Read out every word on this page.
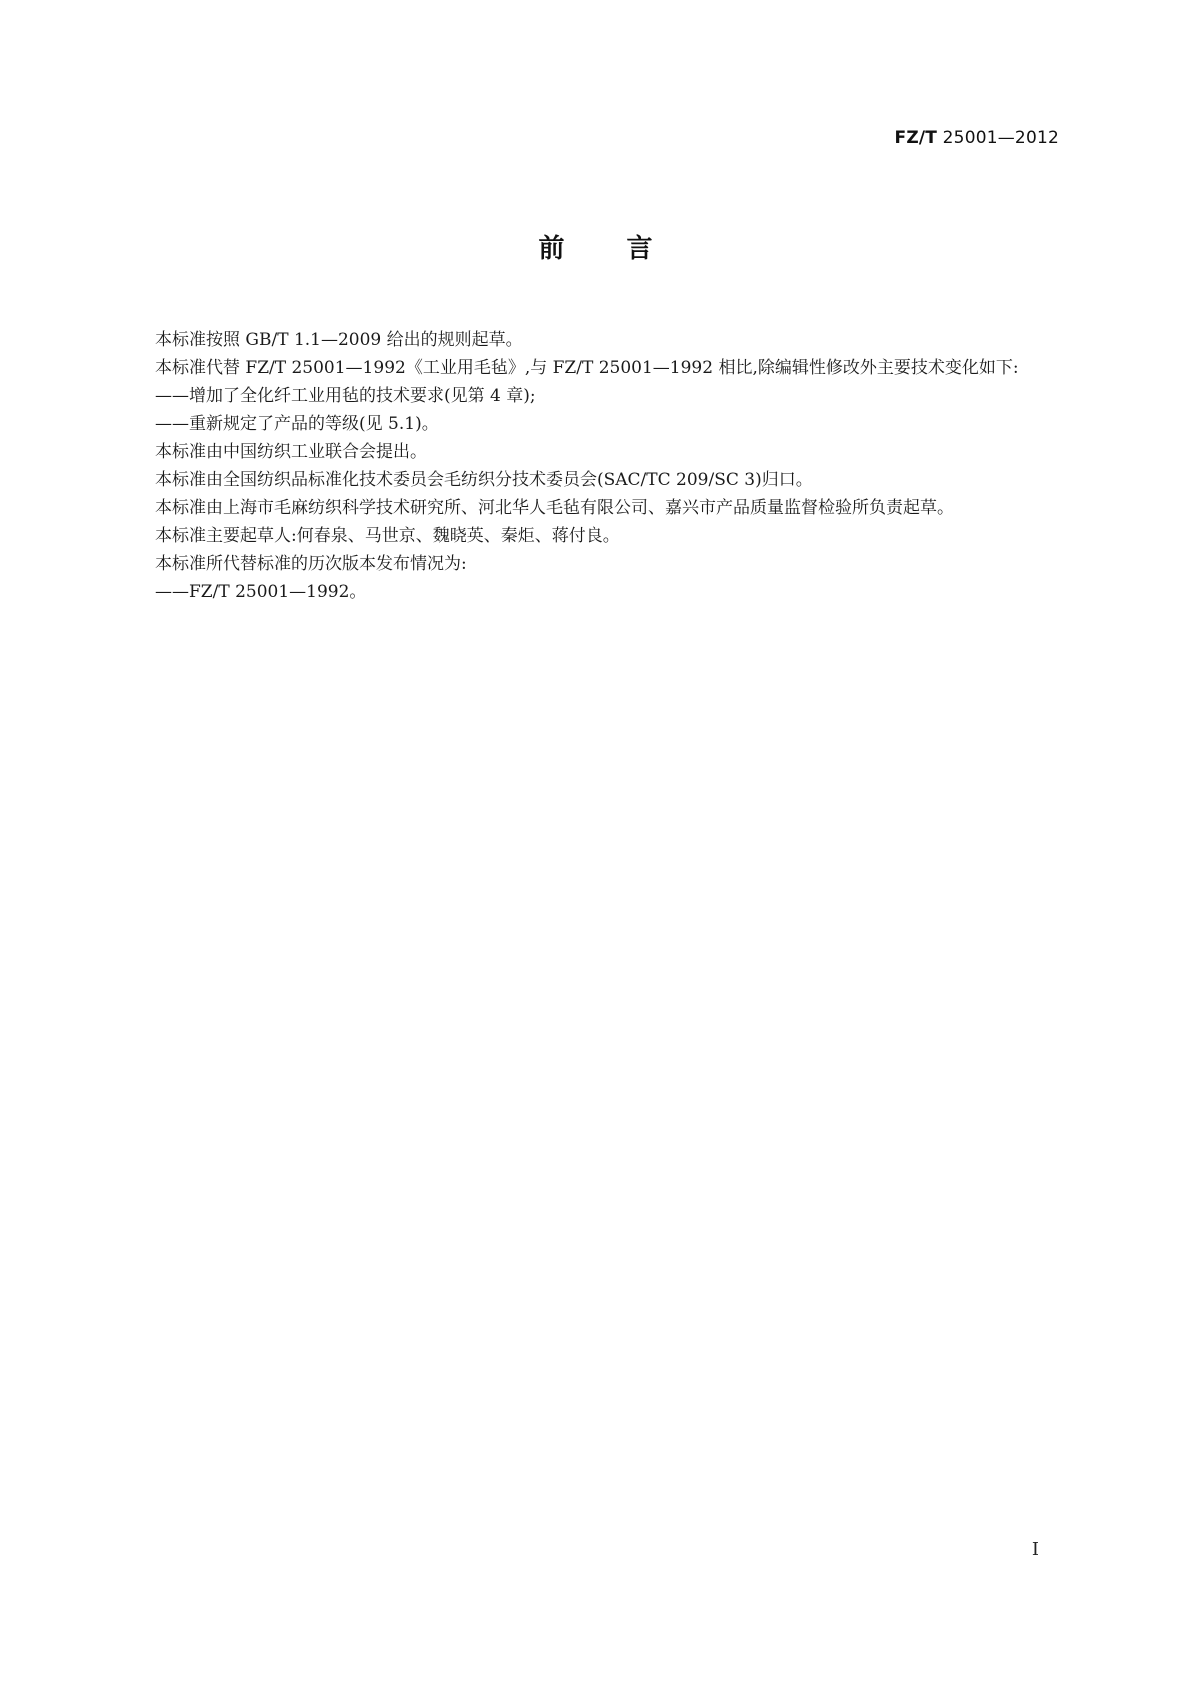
FZ/T 25001—2012
前言

本标准按照 GB/T 1.1—2009 给出的规则起草。

本标准代替 FZ/T 25001—1992《工业用毛毡》,与 FZ/T 25001—1992 相比,除编辑性修改外主要技术变化如下:

——增加了全化纤工业用毡的技术要求(见第 4 章);

——重新规定了产品的等级(见 5.1)。

本标准由中国纺织工业联合会提出。

本标准由全国纺织品标准化技术委员会毛纺织分技术委员会(SAC/TC 209/SC 3)归口。

本标准由上海市毛麻纺织科学技术研究所、河北华人毛毡有限公司、嘉兴市产品质量监督检验所负责起草。

本标准主要起草人:何春泉、马世京、魏晓英、秦炬、蒋付良。

本标准所代替标准的历次版本发布情况为:

——FZ/T 25001—1992。

I
